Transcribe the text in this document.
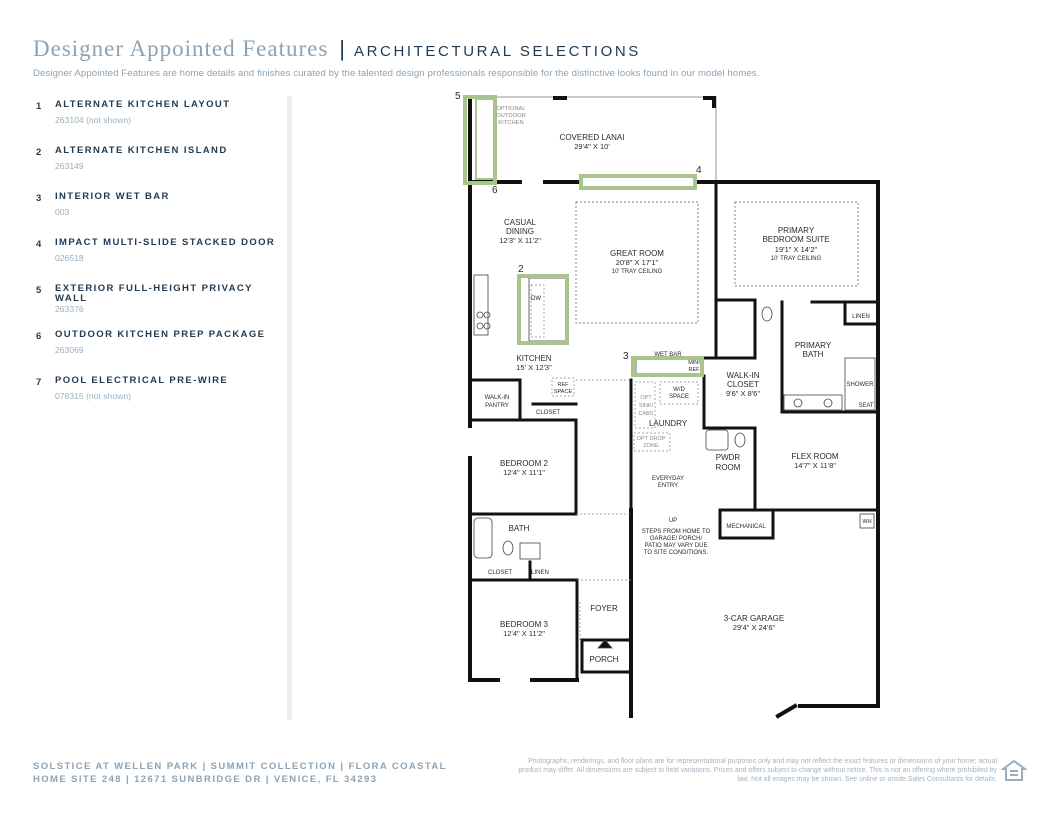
Designer Appointed Features | ARCHITECTURAL SELECTIONS
Designer Appointed Features are home details and finishes curated by the talented design professionals responsible for the distinctive looks found in our model homes.
1	ALTERNATE KITCHEN LAYOUT
263104 (not shown)
2	ALTERNATE KITCHEN ISLAND
263149
3	INTERIOR WET BAR
003
4	IMPACT MULTI-SLIDE STACKED DOOR
026518
5	EXTERIOR FULL-HEIGHT PRIVACY WALL
263376
6	OUTDOOR KITCHEN PREP PACKAGE
263069
7	POOL ELECTRICAL PRE-WIRE
078315 (not shown)
5
6
4
2
3
OPTIONAL
OUTDOOR
KITCHEN
COVERED LANAI
29'4" X 10'
CASUAL
DINING
12'3" X 11'2"
GREAT ROOM
20'8" X 17'1"
10' TRAY CEILING
PRIMARY
BEDROOM SUITE
19'1" X 14'2"
10' TRAY CEILING
LINEN
PRIMARY
BATH
DW
KITCHEN
15' X 12'3"
WET BAR
MINI
REF
WALK-IN
CLOSET
9'6" X 8'6"
SHOWER
SEAT
WALK-IN
PANTRY
REF
SPACE
OPT
SINK/
CABS
W/D
SPACE
CLOSET
LAUNDRY
OPT DROP
ZONE
PWDR
ROOM
FLEX ROOM
14'7" X 11'8"
BEDROOM 2
12'4" X 11'1"
EVERYDAY
ENTRY
UP
STEPS FROM HOME TO
GARAGE/ PORCH/
PATIO MAY VARY DUE
TO SITE CONDITIONS.
MECHANICAL
WH
BATH
CLOSET	LINEN
FOYER
3-CAR GARAGE
29'4" X 24'6"
BEDROOM 3
12'4" X 11'2"
PORCH
SOLSTICE AT WELLEN PARK | SUMMIT COLLECTION | FLORA COASTAL
HOME SITE 248 | 12671 SUNBRIDGE DR | VENICE, FL 34293
Photographs, renderings, and floor plans are for representational purposes only and may not reflect the exact features or dimensions of your home; actual product may differ. All dimensions are subject to field variations. Prices and offers subject to change without notice. This is not an offering where prohibited by law. Not all images may be shown. See online or onsite Sales Consultants for details.
